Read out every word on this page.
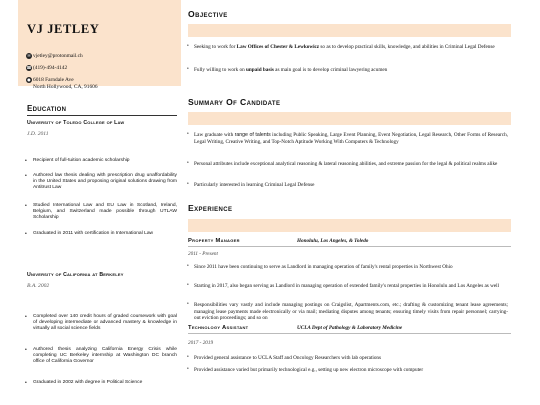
VJ JETLEY
✉ vjetley@protonmail.ch
☎ (419)-494-4142
● 6018 Farndale Ave
North Hollywood, CA, 91606
Education
University of Toledo College of Law
J.D. 2011
• Recipient of full-tuition academic scholarship
• Authored law thesis dealing with prescription drug unaffordability in the United States and proposing original solutions drawing from Antitrust Law
• Studied International Law and EU Law in Scotland, Ireland, Belgium, and Switzerland made possible through UTLAW Scholarship
• Graduated in 2011 with certification in International Law
University of California at Berkeley
B.A. 2002
• Completed over 140 credit hours of graded coursework with goal of developing intermediate or advanced mastery & knowledge in virtually all social science fields
• Authored thesis analyzing California Energy Crisis while completing UC Berkeley internship at Washington DC branch office of California Governor
• Graduated in 2002 with degree in Political Science
Objective
• Seeking to work for Law Offices of Chester & Lewkowicz so as to develop practical skills, knowledge, and abilities in Criminal Legal Defense
• Fully willing to work on unpaid basis as main goal is to develop criminal lawyering acumen
Summary Of Candidate
• Law graduate with range of talents including Public Speaking, Large Event Planning, Event Negotiation, Legal Research, Other Forms of Research, Legal Writing, Creative Writing, and Top-Notch Aptitude Working With Computers & Technology
• Personal attributes include exceptional analytical reasoning & lateral reasoning abilities, and extreme passion for the legal & political realms alike
• Particularly interested in learning Criminal Legal Defense
Experience
Property Manager	Honolulu, Los Angeles, & Toledo
2011 - Present
• Since 2011 have been continuing to serve as Landlord in managing operation of family's rental properties in Northwest Ohio
• Starting in 2017, also began serving as Landlord in managing operation of extended family's rental properties in Honolulu and Los Angeles as well
• Responsibilities vary vastly and include managing postings on Craigslist, Apartments.com, etc.; drafting & customizing tenant lease agreements; managing lease payments made electronically or via mail; mediating disputes among tenants; ensuring timely visits from repair personnel; carrying-out eviction proceedings; and so on
Technology Assistant	UCLA Dept of Pathology & Laboratory Medicine
2017 - 2019
• Provided general assistance to UCLA Staff and Oncology Researchers with lab operations
• Provided assistance varied but primarily technological e.g., setting up new electron microscope with computer
